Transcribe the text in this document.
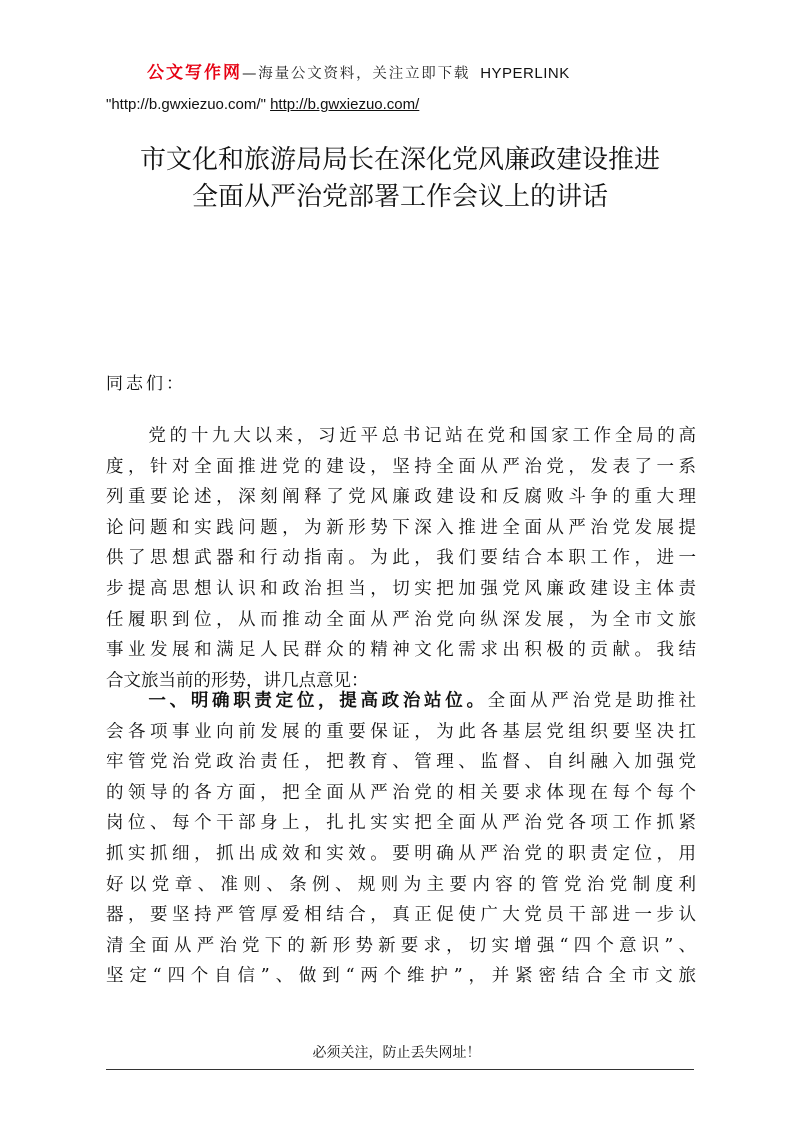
公文写作网—海量公文资料，关注立即下载 HYPERLINK
"http://b.gwxiezuo.com/" http://b.gwxiezuo.com/
市文化和旅游局局长在深化党风廉政建设推进
全面从严治党部署工作会议上的讲话
同志们：
　　党的十九大以来，习近平总书记站在党和国家工作全局的高
度，针对全面推进党的建设，坚持全面从严治党，发表了一系
列重要论述，深刻阐释了党风廉政建设和反腐败斗争的重大理
论问题和实践问题，为新形势下深入推进全面从严治党发展提
供了思想武器和行动指南。为此，我们要结合本职工作，进一
步提高思想认识和政治担当，切实把加强党风廉政建设主体责
任履职到位，从而推动全面从严治党向纵深发展，为全市文旅
事业发展和满足人民群众的精神文化需求出积极的贡献。我结
合文旅当前的形势，讲几点意见：
　　一、明确职责定位，提高政治站位。全面从严治党是助推社
会各项事业向前发展的重要保证，为此各基层党组织要坚决扛
牢管党治党政治责任，把教育、管理、监督、自纠融入加强党
的领导的各方面，把全面从严治党的相关要求体现在每个每个
岗位、每个干部身上，扎扎实实把全面从严治党各项工作抓紧
抓实抓细，抓出成效和实效。要明确从严治党的职责定位，用
好以党章、准则、条例、规则为主要内容的管党治党制度利
器，要坚持严管厚爱相结合，真正促使广大党员干部进一步认
清全面从严治党下的新形势新要求，切实增强“四个意识”、
坚定“四个自信”、做到“两个维护”，并紧密结合全市文旅
必须关注，防止丢失网址！
